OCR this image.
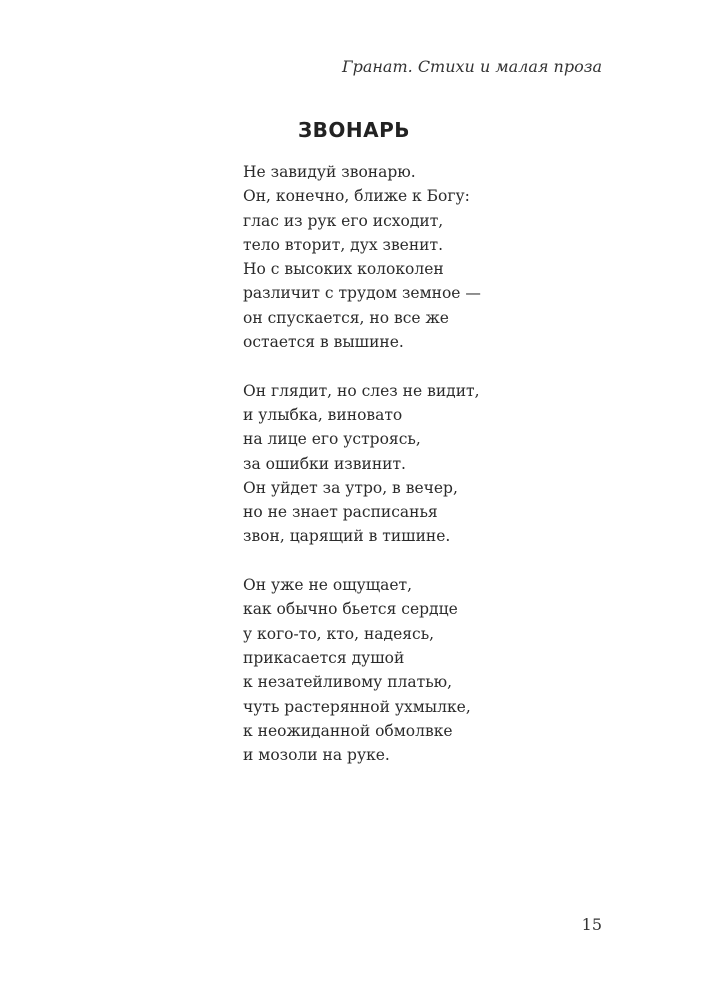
Гранат. Стихи и малая проза
ЗВОНАРЬ
Не завидуй звонарю.
Он, конечно, ближе к Богу:
глас из рук его исходит,
тело вторит, дух звенит.
Но с высоких колоколен
различит с трудом земное —
он спускается, но все же
остается в вышине.
Он глядит, но слез не видит,
и улыбка, виновато
на лице его устроясь,
за ошибки извинит.
Он уйдет за утро, в вечер,
но не знает расписанья
звон, царящий в тишине.
Он уже не ощущает,
как обычно бьется сердце
у кого-то, кто, надеясь,
прикасается душой
к незатейливому платью,
чуть растерянной ухмылке,
к неожиданной обмолвке
и мозоли на руке.
15
